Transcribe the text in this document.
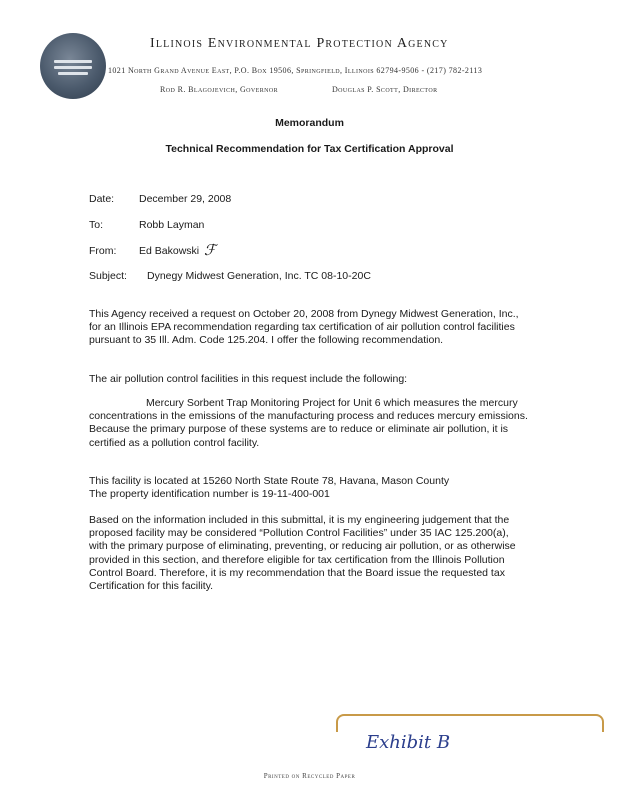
Illinois Environmental Protection Agency
1021 North Grand Avenue East, P.O. Box 19506, Springfield, Illinois 62794-9506 - (217) 782-2113
Rod R. Blagojevich, Governor	Douglas P. Scott, Director
Memorandum
Technical Recommendation for Tax Certification Approval
Date: December 29, 2008
To:	Robb Layman
From: Ed Bakowski ℱ
Subject: Dynegy Midwest Generation, Inc. TC 08-10-20C

This Agency received a request on October 20, 2008 from Dynegy Midwest Generation, Inc., for an Illinois EPA recommendation regarding tax certification of air pollution control facilities pursuant to 35 Ill. Adm. Code 125.204. I offer the following recommendation.

The air pollution control facilities in this request include the following:

Mercury Sorbent Trap Monitoring Project for Unit 6 which measures the mercury concentrations in the emissions of the manufacturing process and reduces mercury emissions. Because the primary purpose of these systems are to reduce or eliminate air pollution, it is certified as a pollution control facility.

This facility is located at 15260 North State Route 78, Havana, Mason County
The property identification number is 19-11-400-001

Based on the information included in this submittal, it is my engineering judgement that the proposed facility may be considered “Pollution Control Facilities” under 35 IAC 125.200(a), with the primary purpose of eliminating, preventing, or reducing air pollution, or as otherwise provided in this section, and therefore eligible for tax certification from the Illinois Pollution Control Board. Therefore, it is my recommendation that the Board issue the requested tax Certification for this facility.

Exhibit B
Printed on Recycled Paper
